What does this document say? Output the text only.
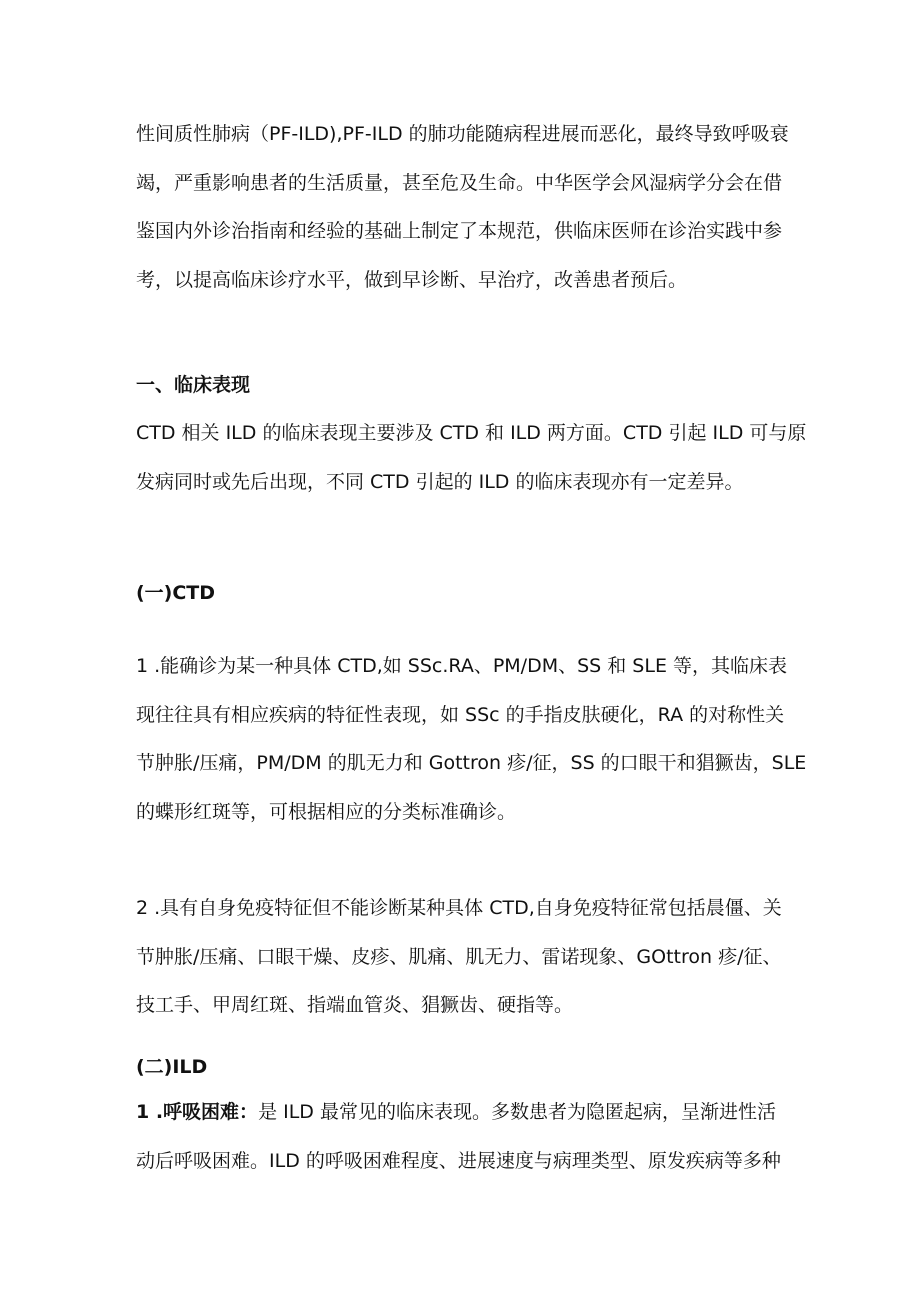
性间质性肺病（PF-ILD),PF-ILD 的肺功能随病程进展而恶化，最终导致呼吸衰
竭，严重影响患者的生活质量，甚至危及生命。中华医学会风湿病学分会在借
鉴国内外诊治指南和经验的基础上制定了本规范，供临床医师在诊治实践中参
考，以提高临床诊疗水平，做到早诊断、早治疗，改善患者预后。
一、临床表现
CTD 相关 ILD 的临床表现主要涉及 CTD 和 ILD 两方面。CTD 引起 ILD 可与原
发病同时或先后出现，不同 CTD 引起的 ILD 的临床表现亦有一定差异。
(一)CTD
1 .能确诊为某一种具体 CTD,如 SSc.RA、PM/DM、SS 和 SLE 等，其临床表
现往往具有相应疾病的特征性表现，如 SSc 的手指皮肤硬化，RA 的对称性关
节肿胀/压痛，PM/DM 的肌无力和 Gottron 疹/征，SS 的口眼干和猖獗齿，SLE
的蝶形红斑等，可根据相应的分类标准确诊。
2 .具有自身免疫特征但不能诊断某种具体 CTD,自身免疫特征常包括晨僵、关
节肿胀/压痛、口眼干燥、皮疹、肌痛、肌无力、雷诺现象、GOttron 疹/征、
技工手、甲周红斑、指端血管炎、猖獗齿、硬指等。
(二)ILD
1 .呼吸困难：是 ILD 最常见的临床表现。多数患者为隐匿起病，呈渐进性活
动后呼吸困难。ILD 的呼吸困难程度、进展速度与病理类型、原发疾病等多种
